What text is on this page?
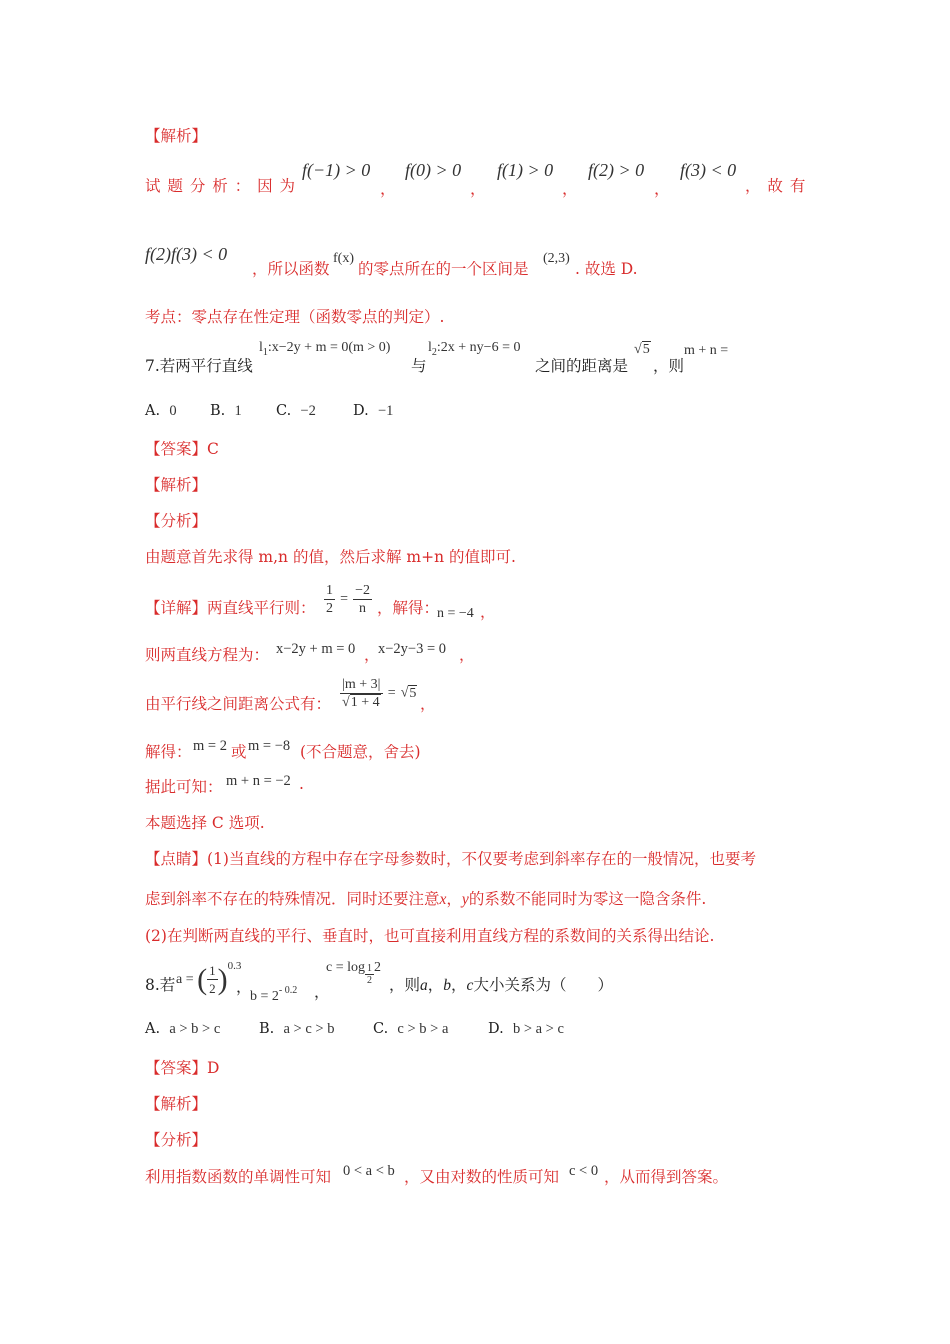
【解析】
试 题 分 析 ： 因 为
f(−1) > 0
，
f(0) > 0
，
f(1) > 0
，
f(2) > 0
，
f(3) < 0
， 故 有
f(2)f(3) < 0
，所以函数
f(x)
的零点所在的一个区间是
(2,3)
. 故选 D.
考点：零点存在性定理（函数零点的判定）.
7.若两平行直线
$l_1:x-2y + m = 0(m > 0)$
与
$l_2:2x + ny-6 = 0$
之间的距离是
√5
，则
m + n =
A. 0 B. 1 C. −2	D. −1
【答案】C
【解析】
【分析】
由题意首先求得 m,n 的值，然后求解 m+n 的值即可.
【详解】两直线平行则： $\frac{1}{2} = \frac{-2}{n}$ ，解得：
n = −4 ，
则两直线方程为： x−2y + m = 0 ，
x−2y−3 = 0 ，
由平行线之间距离公式有： $\frac{|m + 3|}{√1 + 4} = √5$
，
解得： m = 2 或 m = −8 (不合题意，舍去)
据此可知： m + n = −2 .
本题选择 C 选项.
【点睛】(1)当直线的方程中存在字母参数时，不仅要考虑到斜率存在的一般情况，也要考
虑到斜率不存在的特殊情况．同时还要注意x，y的系数不能同时为零这一隐含条件.
(2)在判断两直线的平行、垂直时，也可直接利用直线方程的系数间的关系得出结论.
8.若 a = ( $\frac{1}{2} )^{0.3}$
，
$b = 2^{- 0.2}$ ，
$c = \log \frac{1}{2} 2$
，则a，b，c大小关系为（　　）
A. a > b > c	B. a > c > b	C. c > b > a	D. b > a > c
【答案】D
【解析】
【分析】
利用指数函数的单调性可知 0 < a < b ，又由对数的性质可知 c < 0 ，从而得到答案。
